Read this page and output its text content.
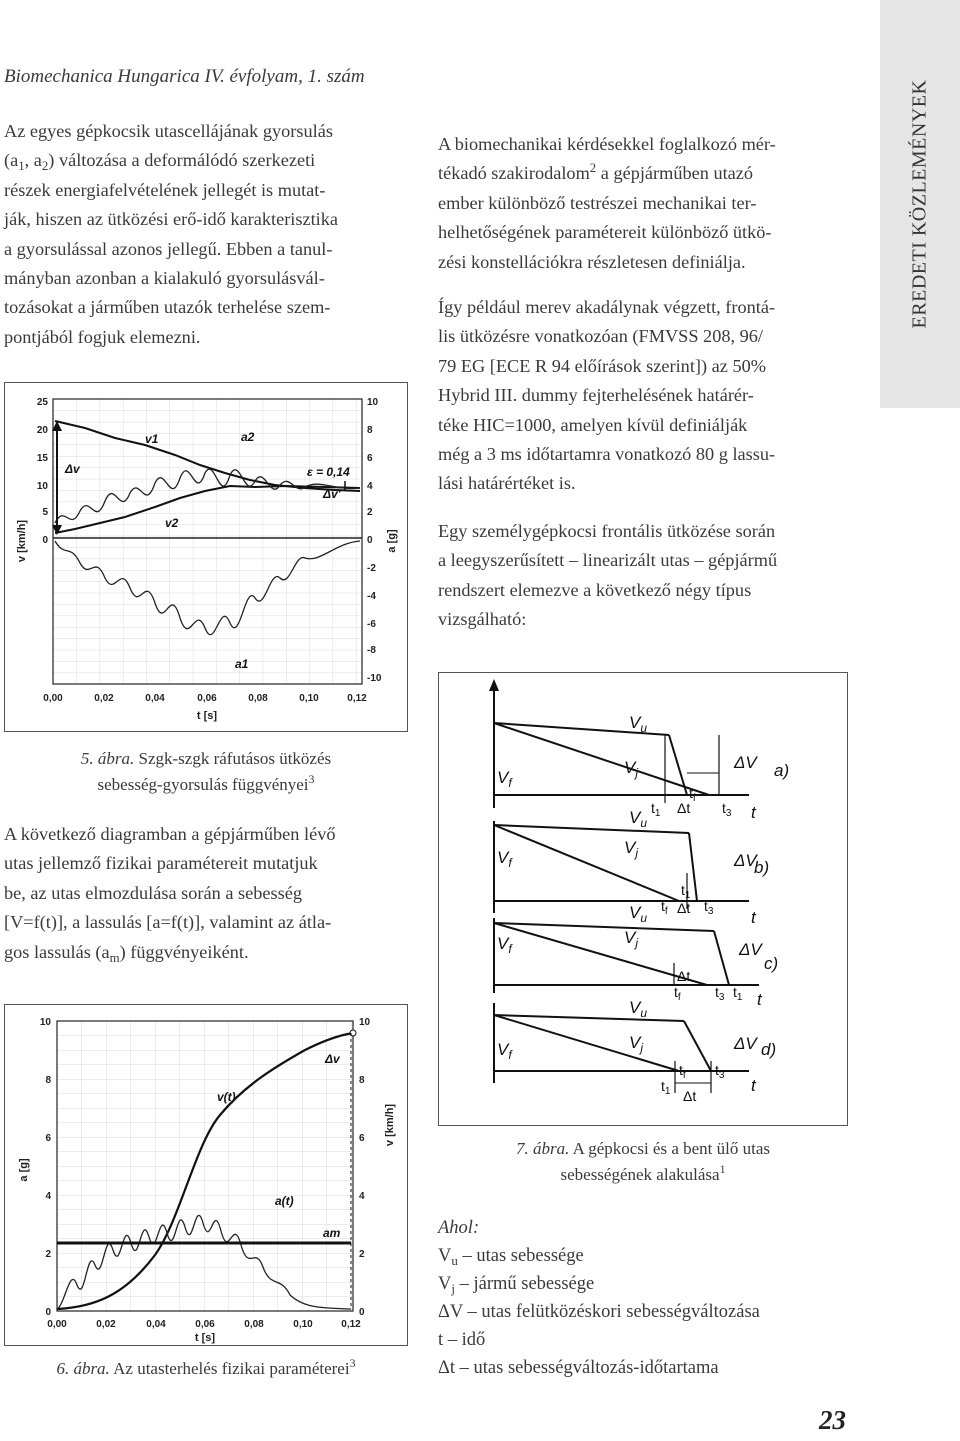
Biomechanica Hungarica IV. évfolyam, 1. szám
EREDETI KÖZLEMÉNYEK
Az egyes gépkocsik utascellájának gyorsulás
($a_1$, $a_2$) változása a deformálódó szerkezeti
részek energiafelvételének jellegét is mutat-
ják, hiszen az ütközési erő-idő karakterisztika
a gyorsulással azonos jellegű. Ebben a tanul-
mányban azonban a kialakuló gyorsulásvál-
tozásokat a járműben utazók terhelése szem-
pontjából fogjuk elemezni.
A biomechanikai kérdésekkel foglalkozó mér-
tékadó szakirodalom$^2$ a gépjárműben utazó
ember különböző testrészei mechanikai ter-
helhetőségének paramétereit különböző ütkö-
zési konstellációkra részletesen definiálja.
Így például merev akadálynak végzett, frontá-
lis ütközésre vonatkozóan (FMVSS 208, 96/
79 EG [ECE R 94 előírások szerint]) az 50%
Hybrid III. dummy fejterhelésének határér-
téke HIC=1000, amelyen kívül definiálják
még a 3 ms időtartamra vonatkozó 80 g lassu-
lási határértéket is.
Egy személygépkocsi frontális ütközése során
a leegyszerűsített – linearizált utas – gépjármű
rendszert elemezve a következő négy típus
vizsgálható:
25
20
15
10
5
0
10
8
6
4
2
0
-2
-4
-6
-8
-10
0,00	0,02	0,04	0,06	0,08	0,10	0,12
t [s]
v [km/h]	a [g]
v1	a2
Δv	ε = 0,14
Δv'
v2
a1
5. ábra. Szgk-szgk ráfutásos ütközés
sebesség-gyorsulás függvényei$^3$
A következő diagramban a gépjárműben lévő
utas jellemző fizikai paramétereit mutatjuk
be, az utas elmozdulása során a sebesség
[V=f(t)], a lassulás [a=f(t)], valamint az átla-
gos lassulás $(a_m)$ függvényeiként.
10
8
6
4
2
0
10
8
6
4
2
0
0,00	0,02	0,04	0,06	0,08	0,10	0,12
t [s]
a [g]
v [km/h]
Δv
v(t)
a(t)
am
6. ábra. Az utasterhelés fizikai paraméterei$^3$
$V_u$
$V_j$
$V_f$
ΔV
t
a)
$V_u$
$V_j$
$V_f$	ΔV
b)
t
$V_u$
$V_j$
$V_f$	ΔV
c)
t
$V_u$
$V_j$
$V_f$
ΔV d)
t
$t_1$
$t_f$
Δt $t_3$
$t_1$
$t_f$ Δt $t_3$
$t_f$
Δt
$t_3$ $t_1$
$t_f$ $t_3$
$t_1$ Δt
7. ábra. A gépkocsi és a bent ülő utas
sebességének alakulása$^1$
Ahol:
$V_u$ – utas sebessége
$V_j$ – jármű sebessége
ΔV – utas felütközéskori sebességváltozása
t – idő
Δt – utas sebességváltozás-időtartama
23
